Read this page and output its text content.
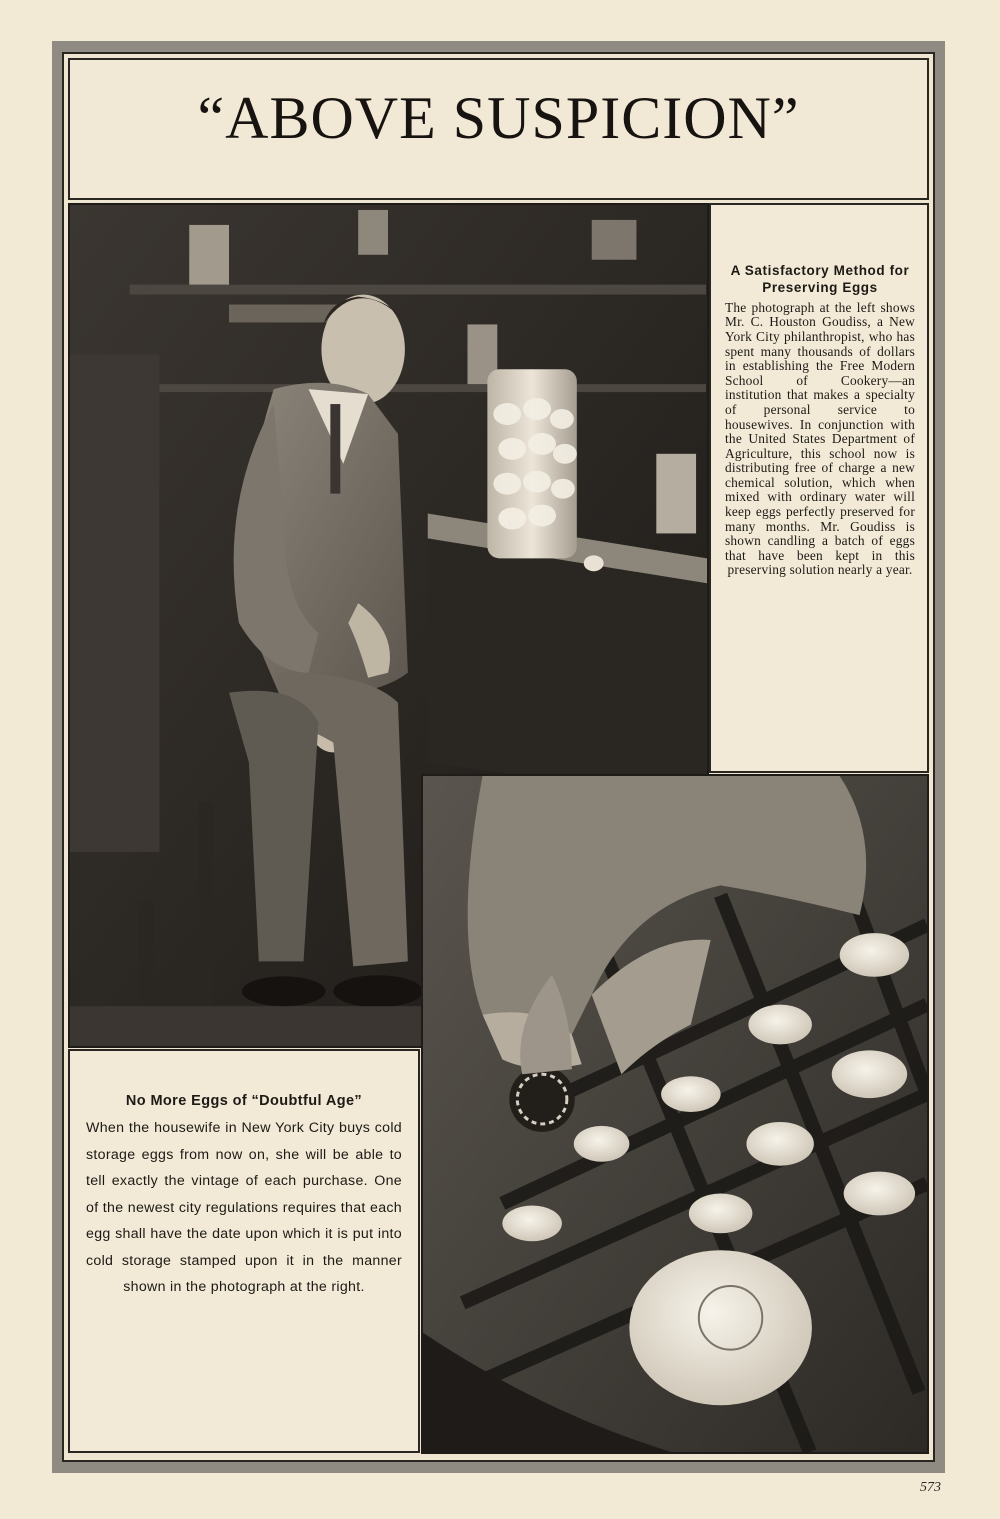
“ABOVE SUSPICION”
A Satisfactory Method for Preserving Eggs

The photograph at the left shows Mr. C. Houston Goudiss, a New York City philanthropist, who has spent many thousands of dollars in establishing the Free Modern School of Cookery—an institution that makes a specialty of personal service to housewives. In conjunction with the United States Department of Agriculture, this school now is distributing free of charge a new chemical solution, which when mixed with ordinary water will keep eggs perfectly preserved for many months. Mr. Goudiss is shown candling a batch of eggs that have been kept in this preserving solution nearly a year.

No More Eggs of “Doubtful Age”

When the housewife in New York City buys cold storage eggs from now on, she will be able to tell exactly the vintage of each purchase. One of the newest city regulations requires that each egg shall have the date upon which it is put into cold storage stamped upon it in the manner shown in the photograph at the right.

573
